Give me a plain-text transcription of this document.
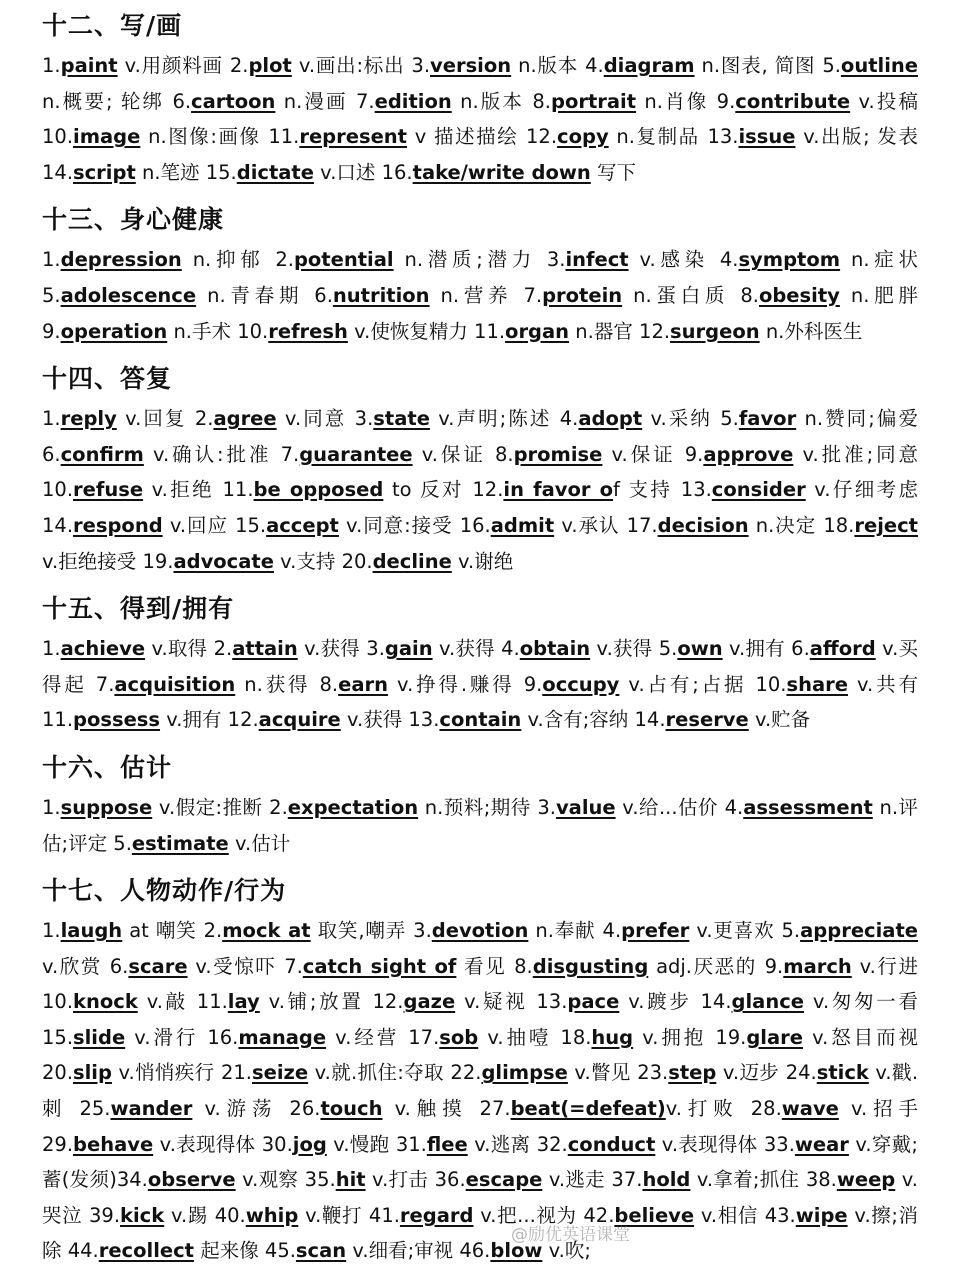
十二、写/画
1.paint v.用颜料画 2.plot v.画出:标出 3.version n.版本 4.diagram n.图表, 简图 5.outline n.概要; 轮绑 6.cartoon n.漫画 7.edition n.版本 8.portrait n.肖像 9.contribute v.投稿 10.image n.图像:画像 11.represent v 描述描绘 12.copy n.复制品 13.issue v.出版; 发表 14.script n.笔迹 15.dictate v.口述 16.take/write down 写下
十三、身心健康
1.depression n.抑郁 2.potential n.潜质;潜力 3.infect v.感染 4.symptom n.症状 5.adolescence n.青春期 6.nutrition n.营养 7.protein n.蛋白质 8.obesity n.肥胖 9.operation n.手术 10.refresh v.使恢复精力 11.organ n.器官 12.surgeon n.外科医生
十四、答复
1.reply v.回复 2.agree v.同意 3.state v.声明;陈述 4.adopt v.采纳 5.favor n.赞同;偏爱 6.confirm v.确认:批准 7.guarantee v.保证 8.promise v.保证 9.approve v.批准;同意 10.refuse v.拒绝 11.be opposed to 反对 12.in favor of 支持 13.consider v.仔细考虑 14.respond v.回应 15.accept v.同意:接受 16.admit v.承认 17.decision n.决定 18.reject v.拒绝接受 19.advocate v.支持 20.decline v.谢绝
十五、得到/拥有
1.achieve v.取得 2.attain v.获得 3.gain v.获得 4.obtain v.获得 5.own v.拥有 6.afford v.买得起 7.acquisition n.获得 8.earn v.挣得.赚得 9.occupy v.占有;占据 10.share v.共有 11.possess v.拥有 12.acquire v.获得 13.contain v.含有;容纳 14.reserve v.贮备
十六、估计
1.suppose v.假定:推断 2.expectation n.预料;期待 3.value v.给...估价 4.assessment n.评估;评定 5.estimate v.估计
十七、人物动作/行为
1.laugh at 嘲笑 2.mock at 取笑,嘲弄 3.devotion n.奉献 4.prefer v.更喜欢 5.appreciate v.欣赏 6.scare v.受惊吓 7.catch sight of 看见 8.disgusting adj.厌恶的 9.march v.行进 10.knock v.敲 11.lay v.铺;放置 12.gaze v.疑视 13.pace v.踱步 14.glance v.匆匆一看 15.slide v.滑行 16.manage v.经营 17.sob v.抽噎 18.hug v.拥抱 19.glare v.怒目而视 20.slip v.悄悄疾行 21.seize v.就.抓住:夺取 22.glimpse v.瞥见 23.step v.迈步 24.stick v.戳.刺 25.wander v.游荡 26.touch v.触摸 27.beat(=defeat)v.打败 28.wave v.招手 29.behave v.表现得体 30.jog v.慢跑 31.flee v.逃离 32.conduct v.表现得体 33.wear v.穿戴;蓄(发须)34.observe v.观察 35.hit v.打击 36.escape v.逃走 37.hold v.拿着;抓住 38.weep v.哭泣 39.kick v.踢 40.whip v.鞭打 41.regard v.把...视为 42.believe v.相信 43.wipe v.擦;消除 44.recollect 起来像 45.scan v.细看;审视 46.blow v.吹;
@励优英语课堂
